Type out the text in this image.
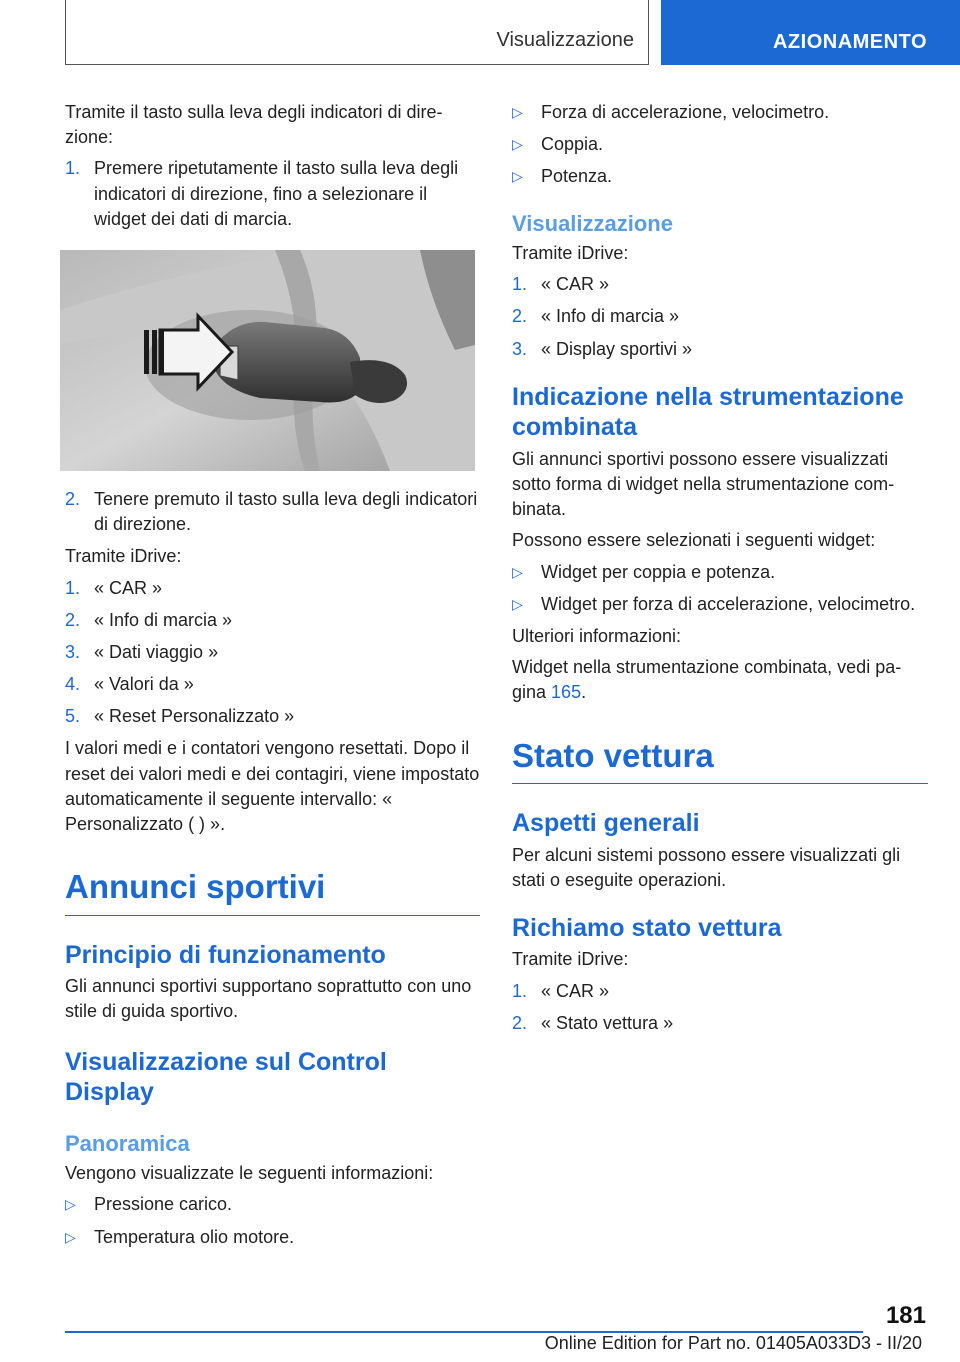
Visualizzazione	AZIONAMENTO

Tramite il tasto sulla leva degli indicatori di direzione:

1. Premere ripetutamente il tasto sulla leva degli indicatori di direzione, fino a selezionare il widget dei dati di marcia.
2. Tenere premuto il tasto sulla leva degli indicatori di direzione.

Tramite iDrive:

1. « CAR »
2. « Info di marcia »
3. « Dati viaggio »
4. « Valori da »
5. « Reset Personalizzato »

I valori medi e i contatori vengono resettati. Dopo il reset dei valori medi e dei contagiri, viene impostato automaticamente il seguente intervallo: « Personalizzato ( ) ».

Annunci sportivi
Principio di funzionamento

Gli annunci sportivi supportano soprattutto con uno stile di guida sportivo.

Visualizzazione sul Control Display
Panoramica

Vengono visualizzate le seguenti informazioni:

▷ Pressione carico.
▷ Temperatura olio motore.
▷ Forza di accelerazione, velocimetro.
▷ Coppia.
▷ Potenza.
Visualizzazione

Tramite iDrive:

1. « CAR »
2. « Info di marcia »
3. « Display sportivi »
Indicazione nella strumentazione combinata

Gli annunci sportivi possono essere visualizzati sotto forma di widget nella strumentazione combinata.

Possono essere selezionati i seguenti widget:

▷ Widget per coppia e potenza.
▷ Widget per forza di accelerazione, velocimetro.

Ulteriori informazioni:

Widget nella strumentazione combinata, vedi pagina 165.

Stato vettura
Aspetti generali

Per alcuni sistemi possono essere visualizzati gli stati o eseguite operazioni.

Richiamo stato vettura

Tramite iDrive:

1. « CAR »
2. « Stato vettura »
181
Online Edition for Part no. 01405A033D3 - II/20
